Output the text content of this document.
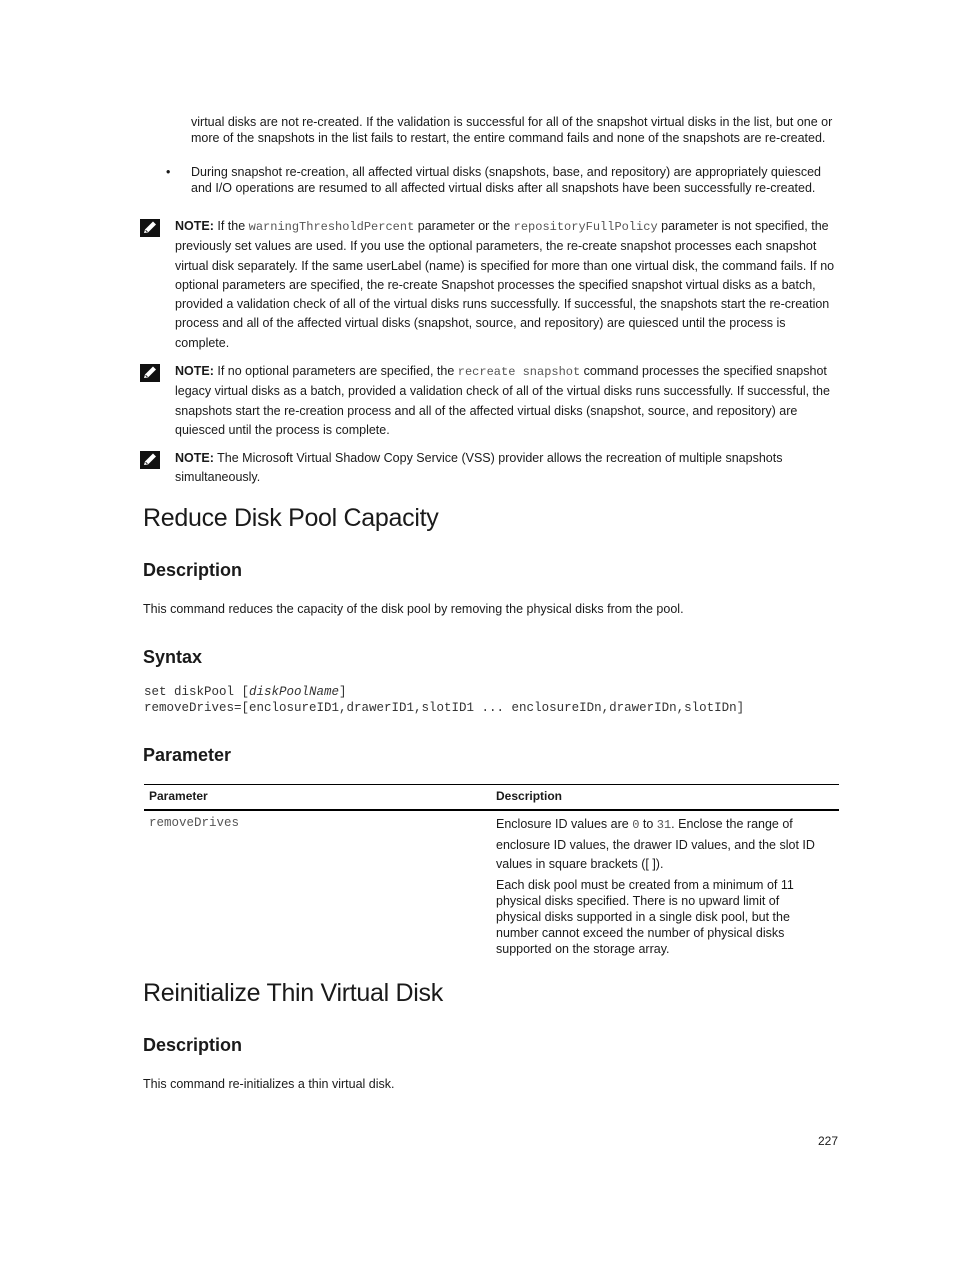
virtual disks are not re-created. If the validation is successful for all of the snapshot virtual disks in the list, but one or more of the snapshots in the list fails to restart, the entire command fails and none of the snapshots are re-created.
• During snapshot re-creation, all affected virtual disks (snapshots, base, and repository) are appropriately quiesced and I/O operations are resumed to all affected virtual disks after all snapshots have been successfully re-created.
NOTE: If the warningThresholdPercent parameter or the repositoryFullPolicy parameter is not specified, the previously set values are used. If you use the optional parameters, the re-create snapshot processes each snapshot virtual disk separately. If the same userLabel (name) is specified for more than one virtual disk, the command fails. If no optional parameters are specified, the re-create Snapshot processes the specified snapshot virtual disks as a batch, provided a validation check of all of the virtual disks runs successfully. If successful, the snapshots start the re-creation process and all of the affected virtual disks (snapshot, source, and repository) are quiesced until the process is complete.
NOTE: If no optional parameters are specified, the recreate snapshot command processes the specified snapshot legacy virtual disks as a batch, provided a validation check of all of the virtual disks runs successfully. If successful, the snapshots start the re-creation process and all of the affected virtual disks (snapshot, source, and repository) are quiesced until the process is complete.
NOTE: The Microsoft Virtual Shadow Copy Service (VSS) provider allows the recreation of multiple snapshots simultaneously.
Reduce Disk Pool Capacity
Description
This command reduces the capacity of the disk pool by removing the physical disks from the pool.
Syntax
set diskPool [diskPoolName]
removeDrives=[enclosureID1,drawerID1,slotID1 ... enclosureIDn,drawerIDn,slotIDn]
Parameter
Parameter	Description
removeDrives	Enclosure ID values are 0 to 31. Enclose the range of enclosure ID values, the drawer ID values, and the slot ID values in square brackets ([ ]).
Each disk pool must be created from a minimum of 11 physical disks specified. There is no upward limit of physical disks supported in a single disk pool, but the number cannot exceed the number of physical disks supported on the storage array.
Reinitialize Thin Virtual Disk
Description
This command re-initializes a thin virtual disk.
227
